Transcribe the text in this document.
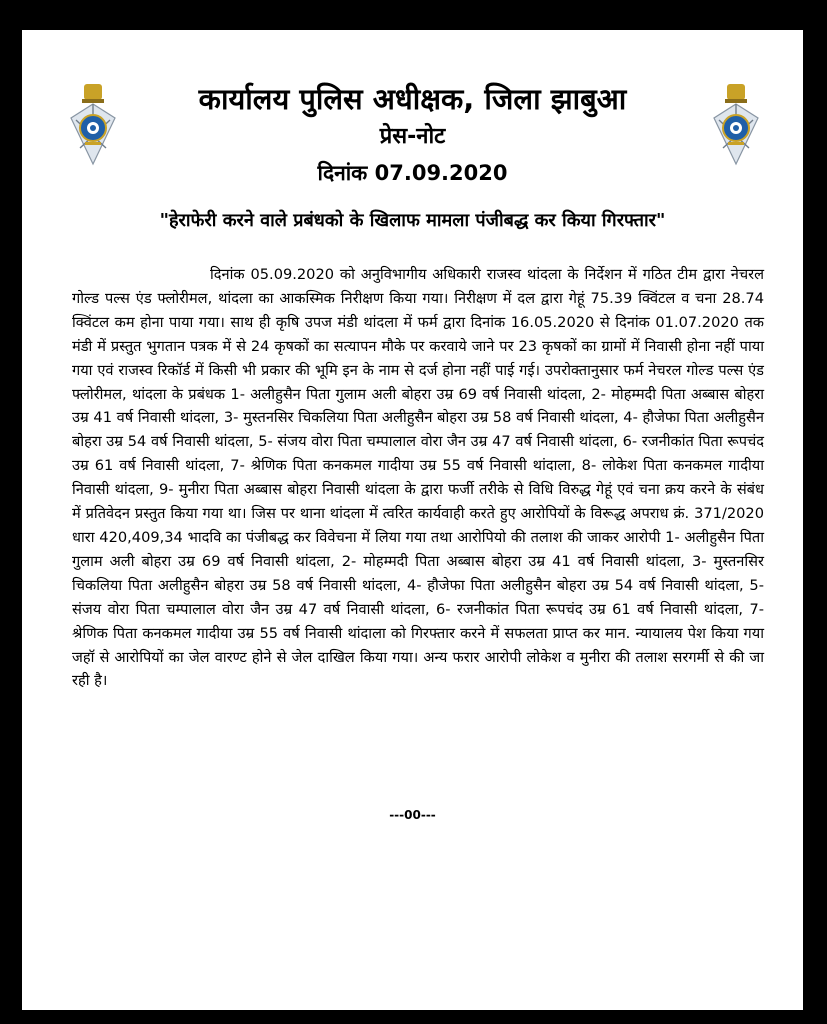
कार्यालय पुलिस अधीक्षक, जिला झाबुआ
प्रेस-नोट
दिनांक 07.09.2020
"हेराफेरी करने वाले प्रबंधको के खिलाफ मामला पंजीबद्ध कर किया गिरफ्तार"

दिनांक 05.09.2020 को अनुविभागीय अधिकारी राजस्व थांदला के निर्देशन में गठित टीम द्वारा नेचरल गोल्ड पल्स एंड फ्लोरीमल, थांदला का आकस्मिक निरीक्षण किया गया। निरीक्षण में दल द्वारा गेहूं 75.39 क्विंटल व चना 28.74 क्विंटल कम होना पाया गया। साथ ही कृषि उपज मंडी थांदला में फर्म द्वारा दिनांक 16.05.2020 से दिनांक 01.07.2020 तक मंडी में प्रस्तुत भुगतान पत्रक में से 24 कृषकों का सत्यापन मौके पर करवाये जाने पर 23 कृषकों का ग्रामों में निवासी होना नहीं पाया गया एवं राजस्व रिकॉर्ड में किसी भी प्रकार की भूमि इन के नाम से दर्ज होना नहीं पाई गई। उपरोक्तानुसार फर्म नेचरल गोल्ड पल्स एंड फ्लोरीमल, थांदला के प्रबंधक 1- अलीहुसैन पिता गुलाम अली बोहरा उम्र 69 वर्ष निवासी थांदला, 2- मोहम्मदी पिता अब्बास बोहरा उम्र 41 वर्ष निवासी थांदला, 3- मुस्तनसिर चिकलिया पिता अलीहुसैन बोहरा उम्र 58 वर्ष निवासी थांदला, 4- हौजेफा पिता अलीहुसैन बोहरा उम्र 54 वर्ष निवासी थांदला, 5- संजय वोरा पिता चम्पालाल वोरा जैन उम्र 47 वर्ष निवासी थांदला, 6- रजनीकांत पिता रूपचंद उम्र 61 वर्ष निवासी थांदला, 7- श्रेणिक पिता कनकमल गादीया उम्र 55 वर्ष निवासी थांदाला, 8- लोकेश पिता कनकमल गादीया निवासी थांदला, 9- मुनीरा पिता अब्बास बोहरा निवासी थांदला के द्वारा फर्जी तरीके से विधि विरुद्ध गेहूं एवं चना क्रय करने के संबंध में प्रतिवेदन प्रस्तुत किया गया था। जिस पर थाना थांदला में त्वरित कार्यवाही करते हुए आरोपियों के विरूद्ध अपराध क्रं. 371/2020 धारा 420,409,34 भादवि का पंजीबद्ध कर विवेचना में लिया गया तथा आरोपियो की तलाश की जाकर आरोपी 1- अलीहुसैन पिता गुलाम अली बोहरा उम्र 69 वर्ष निवासी थांदला, 2- मोहम्मदी पिता अब्बास बोहरा उम्र 41 वर्ष निवासी थांदला, 3- मुस्तनसिर चिकलिया पिता अलीहुसैन बोहरा उम्र 58 वर्ष निवासी थांदला, 4- हौजेफा पिता अलीहुसैन बोहरा उम्र 54 वर्ष निवासी थांदला, 5- संजय वोरा पिता चम्पालाल वोरा जैन उम्र 47 वर्ष निवासी थांदला, 6- रजनीकांत पिता रूपचंद उम्र 61 वर्ष निवासी थांदला, 7- श्रेणिक पिता कनकमल गादीया उम्र 55 वर्ष निवासी थांदाला को गिरफ्तार करने में सफलता प्राप्त कर मान. न्यायालय पेश किया गया जहॉ से आरोपियों का जेल वारण्ट होने से जेल दाखिल किया गया। अन्य फरार आरोपी लोकेश व मुनीरा की तलाश सरगर्मी से की जा रही है।

---00---
